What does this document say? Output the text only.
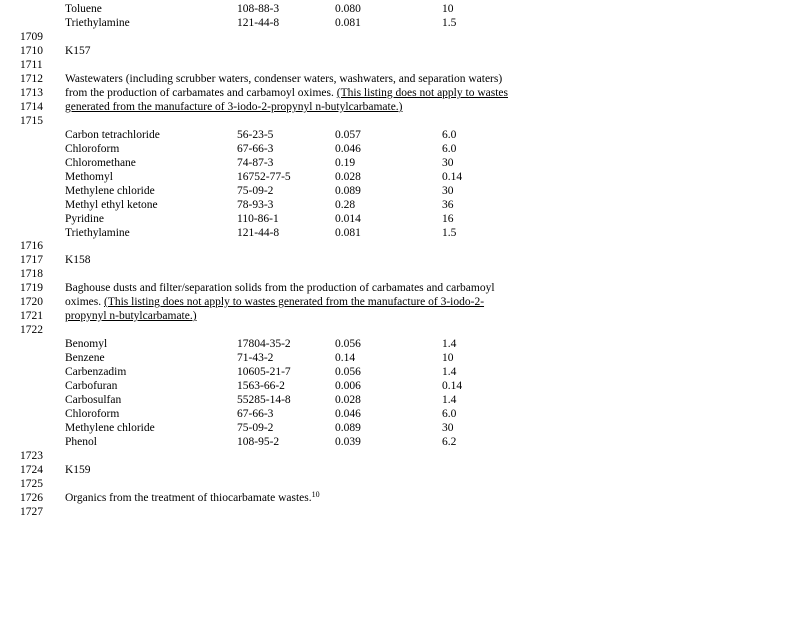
Toluene	108-88-3	0.080	10
Triethylamine	121-44-8	0.081	1.5
1709
1710
1711
1712
1713
1714
1715
1716
1717
1718
1719
1720
1721
1722
1723
1724
1725
1726
1727
K157
Wastewaters (including scrubber waters, condenser waters, washwaters, and separation waters)
from the production of carbamates and carbamoyl oximes. (This listing does not apply to wastes
generated from the manufacture of 3-iodo-2-propynyl n-butylcarbamate.)
Carbon tetrachloride	56-23-5	0.057	6.0
Chloroform	67-66-3	0.046	6.0
Chloromethane	74-87-3	0.19	30
Methomyl	16752-77-5	0.028	0.14
Methylene chloride	75-09-2	0.089	30
Methyl ethyl ketone	78-93-3	0.28	36
Pyridine	110-86-1	0.014	16
Triethylamine	121-44-8	0.081	1.5
K158
Baghouse dusts and filter/separation solids from the production of carbamates and carbamoyl
oximes. (This listing does not apply to wastes generated from the manufacture of 3-iodo-2-
propynyl n-butylcarbamate.)
Benomyl	17804-35-2	0.056	1.4
Benzene	71-43-2	0.14	10
Carbenzadim	10605-21-7	0.056	1.4
Carbofuran	1563-66-2	0.006	0.14
Carbosulfan	55285-14-8	0.028	1.4
Chloroform	67-66-3	0.046	6.0
Methylene chloride	75-09-2	0.089	30
Phenol	108-95-2	0.039	6.2
K159
Organics from the treatment of thiocarbamate wastes.$^{10}$
